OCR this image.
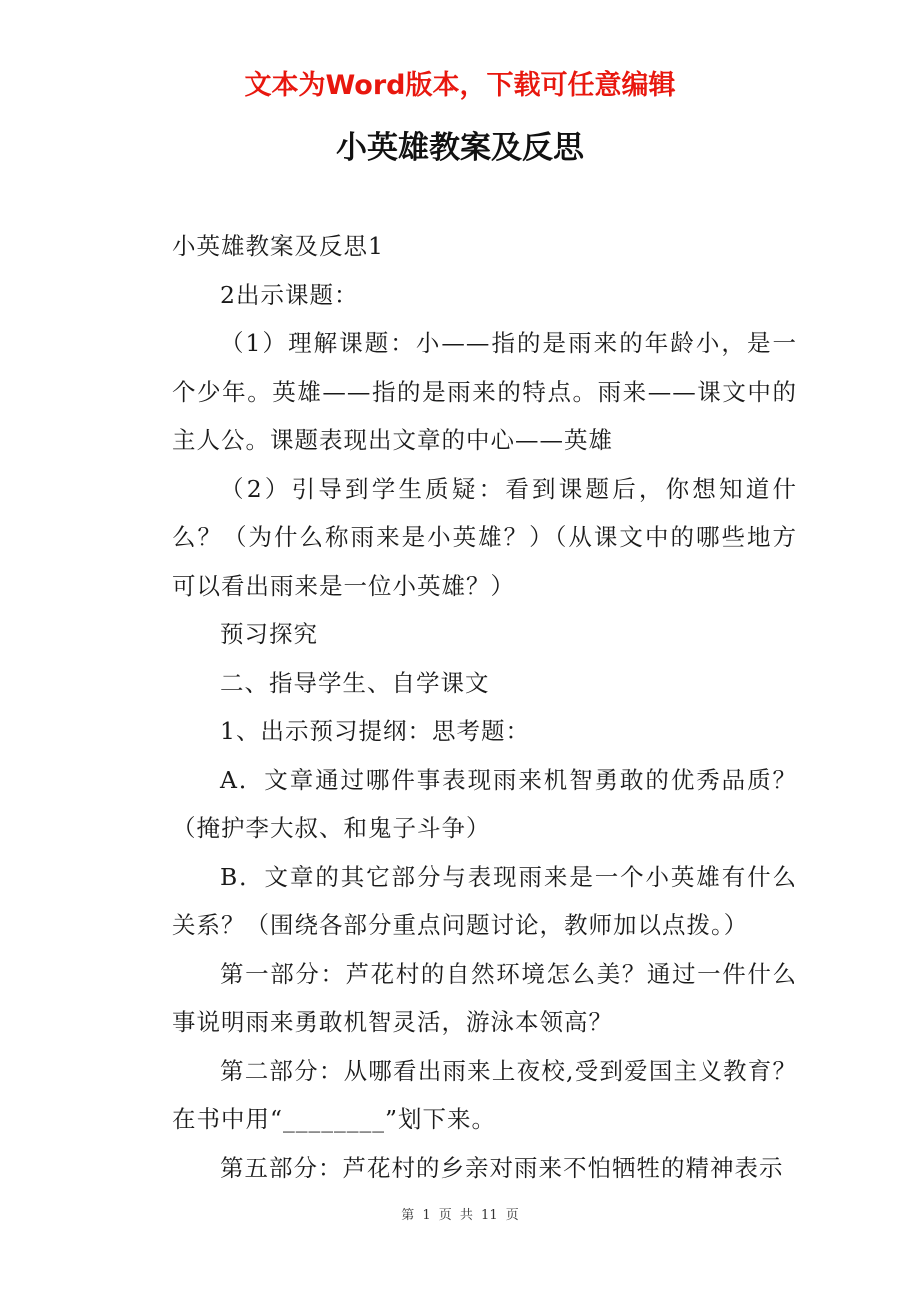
文本为Word版本，下载可任意编辑
小英雄教案及反思

小英雄教案及反思1

2出示课题：

（1）理解课题：小——指的是雨来的年龄小，是一个少年。英雄——指的是雨来的特点。雨来——课文中的主人公。课题表现出文章的中心——英雄

（2）引导到学生质疑：看到课题后，你想知道什么？（为什么称雨来是小英雄？）（从课文中的哪些地方可以看出雨来是一位小英雄？）

预习探究

二、指导学生、自学课文

1、出示预习提纲：思考题：

A．文章通过哪件事表现雨来机智勇敢的优秀品质？（掩护李大叔、和鬼子斗争）

B．文章的其它部分与表现雨来是一个小英雄有什么关系？（围绕各部分重点问题讨论，教师加以点拨。）

第一部分：芦花村的自然环境怎么美？通过一件什么事说明雨来勇敢机智灵活，游泳本领高？

第二部分：从哪看出雨来上夜校,受到爱国主义教育？在书中用“________”划下来。

第五部分：芦花村的乡亲对雨来不怕牺牲的精神表示

第 1 页 共 11 页
